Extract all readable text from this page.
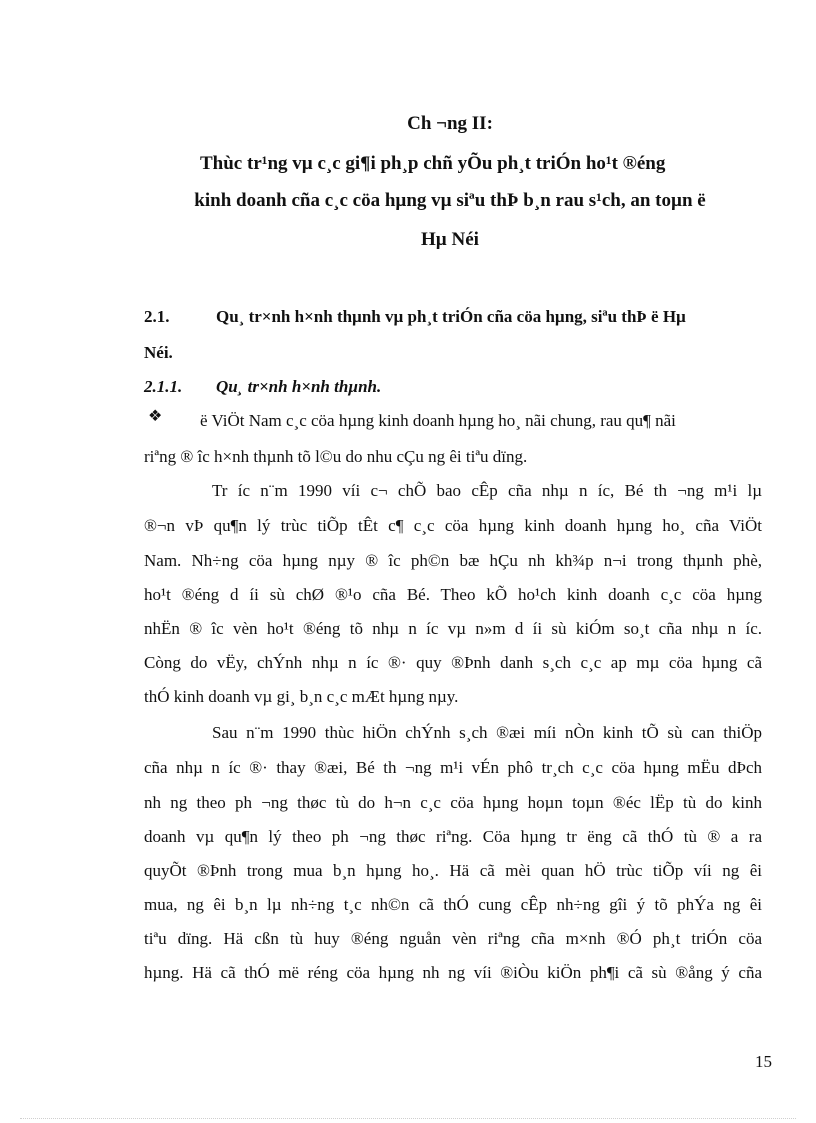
Ch ¬ng II:
Thùc tr¹ng vµ c¸c gi¶i ph¸p chñ yÕu ph¸t triÓn ho¹t ®éng
kinh doanh cña c¸c cöa hµng vµ siªu thÞ b¸n rau s¹ch, an toµn ë
Hµ Néi
2.1.	Qu¸ tr×nh h×nh thµnh vµ ph¸t triÓn cña cöa hµng, siªu thÞ ë Hµ
Néi.
2.1.1. Qu¸ tr×nh h×nh thµnh.
❖ ë ViÖt Nam c¸c cöa hµng kinh doanh hµng ho¸ nãi chung, rau qu¶ nãi
riªng ® îc h×nh thµnh tõ l©u do nhu cÇu ng êi tiªu dïng.
Tr íc n¨m 1990 víi c¬ chÕ bao cÊp cña nhµ n íc, Bé th ¬ng m¹i lµ
®¬n vÞ qu¶n lý trùc tiÕp tÊt c¶ c¸c cöa hµng kinh doanh hµng ho¸ cña ViÖt
Nam. Nh÷ng cöa hµng nµy ® îc ph©n bæ hÇu nh kh¾p n¬i trong thµnh phè,
ho¹t ®éng d íi sù chØ ®¹o cña Bé. Theo kÕ ho¹ch kinh doanh c¸c cöa hµng
nhËn ® îc vèn ho¹t ®éng tõ nhµ n íc vµ n»m d íi sù kiÓm so¸t cña nhµ n íc.
Còng do vËy, chÝnh nhµ n íc ®· quy ®Þnh danh s¸ch c¸c ap mµ cöa hµng cã
thÓ kinh doanh vµ gi¸ b¸n c¸c mÆt hµng nµy.
Sau n¨m 1990 thùc hiÖn chÝnh s¸ch ®æi míi nÒn kinh tÕ sù can thiÖp
cña nhµ n íc ®· thay ®æi, Bé th ¬ng m¹i vÉn phô tr¸ch c¸c cöa hµng mËu dÞch
nh ng theo ph ¬ng thøc tù do h¬n c¸c cöa hµng hoµn toµn ®éc lËp tù do kinh
doanh vµ qu¶n lý theo ph ¬ng thøc riªng. Cöa hµng tr ëng cã thÓ tù ® a ra
quyÕt ®Þnh trong mua b¸n hµng ho¸. Hä cã mèi quan hÖ trùc tiÕp víi ng êi
mua, ng êi b¸n lµ nh÷ng t¸c nh©n cã thÓ cung cÊp nh÷ng gîi ý tõ phÝa ng êi
tiªu dïng. Hä cßn tù huy ®éng nguån vèn riªng cña m×nh ®Ó ph¸t triÓn cöa
hµng. Hä cã thÓ më réng cöa hµng nh ng víi ®iÒu kiÖn ph¶i cã sù ®ång ý cña
15
